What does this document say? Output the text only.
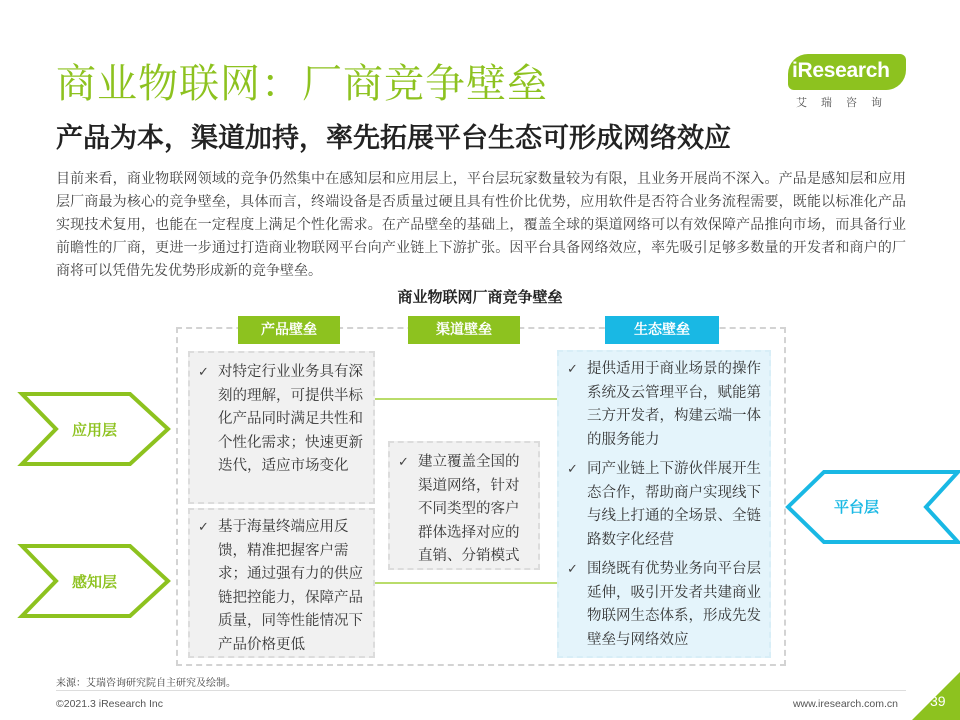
商业物联网：厂商竞争壁垒
产品为本，渠道加持，率先拓展平台生态可形成网络效应
iResearch
艾瑞咨询
目前来看，商业物联网领域的竞争仍然集中在感知层和应用层上，平台层玩家数量较为有限，且业务开展尚不深入。产品是感知层和应用层厂商最为核心的竞争壁垒，具体而言，终端设备是否质量过硬且具有性价比优势，应用软件是否符合业务流程需要，既能以标准化产品实现技术复用，也能在一定程度上满足个性化需求。在产品壁垒的基础上，覆盖全球的渠道网络可以有效保障产品推向市场，而具备行业前瞻性的厂商，更进一步通过打造商业物联网平台向产业链上下游扩张。因平台具备网络效应，率先吸引足够多数量的开发者和商户的厂商将可以凭借先发优势形成新的竞争壁垒。
商业物联网厂商竞争壁垒
产品壁垒	渠道壁垒	生态壁垒
应用层
感知层
平台层
✓ 对特定行业业务具有深刻的理解，可提供半标化产品同时满足共性和个性化需求；快速更新迭代，适应市场变化
✓ 基于海量终端应用反馈，精准把握客户需求；通过强有力的供应链把控能力，保障产品质量，同等性能情况下产品价格更低
✓ 建立覆盖全国的渠道网络，针对不同类型的客户群体选择对应的直销、分销模式
✓ 提供适用于商业场景的操作系统及云管理平台，赋能第三方开发者，构建云端一体的服务能力
✓ 同产业链上下游伙伴展开生态合作，帮助商户实现线下与线上打通的全场景、全链路数字化经营
✓ 围绕既有优势业务向平台层延伸，吸引开发者共建商业物联网生态体系，形成先发壁垒与网络效应
来源：艾瑞咨询研究院自主研究及绘制。
©2021.3 iResearch Inc	www.iresearch.com.cn 39
